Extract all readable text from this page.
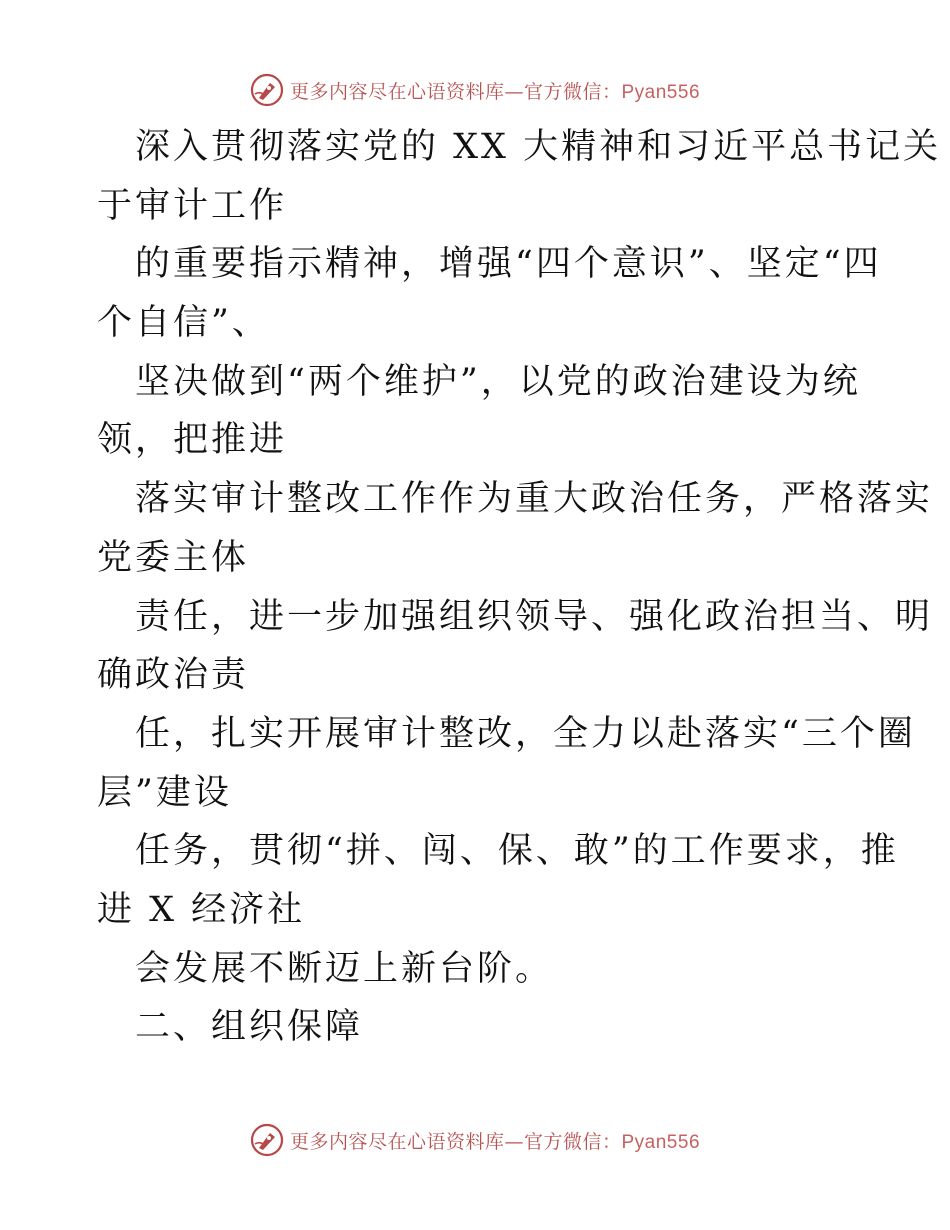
更多内容尽在心语资料库—官方微信：Pyan556
深入贯彻落实党的 XX 大精神和习近平总书记关
于审计工作
的重要指示精神，增强“四个意识”、坚定“四
个自信”、
坚决做到“两个维护”，以党的政治建设为统
领，把推进
落实审计整改工作作为重大政治任务，严格落实
党委主体
责任，进一步加强组织领导、强化政治担当、明
确政治责
任，扎实开展审计整改，全力以赴落实“三个圈
层”建设
任务，贯彻“拼、闯、保、敢”的工作要求，推
进 X 经济社
会发展不断迈上新台阶。
二、组织保障
更多内容尽在心语资料库—官方微信：Pyan556
